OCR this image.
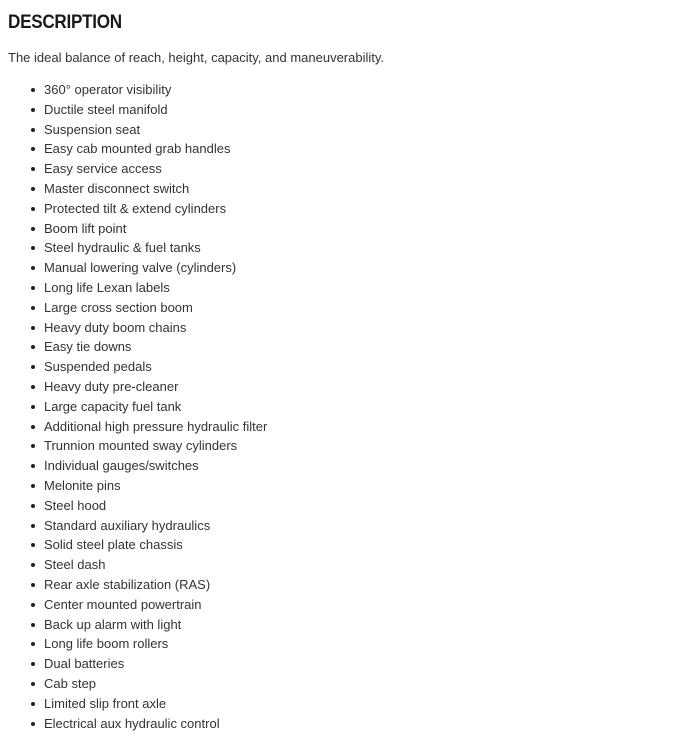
DESCRIPTION

The ideal balance of reach, height, capacity, and maneuverability.

360° operator visibility
Ductile steel manifold
Suspension seat
Easy cab mounted grab handles
Easy service access
Master disconnect switch
Protected tilt & extend cylinders
Boom lift point
Steel hydraulic & fuel tanks
Manual lowering valve (cylinders)
Long life Lexan labels
Large cross section boom
Heavy duty boom chains
Easy tie downs
Suspended pedals
Heavy duty pre-cleaner
Large capacity fuel tank
Additional high pressure hydraulic filter
Trunnion mounted sway cylinders
Individual gauges/switches
Melonite pins
Steel hood
Standard auxiliary hydraulics
Solid steel plate chassis
Steel dash
Rear axle stabilization (RAS)
Center mounted powertrain
Back up alarm with light
Long life boom rollers
Dual batteries
Cab step
Limited slip front axle
Electrical aux hydraulic control
